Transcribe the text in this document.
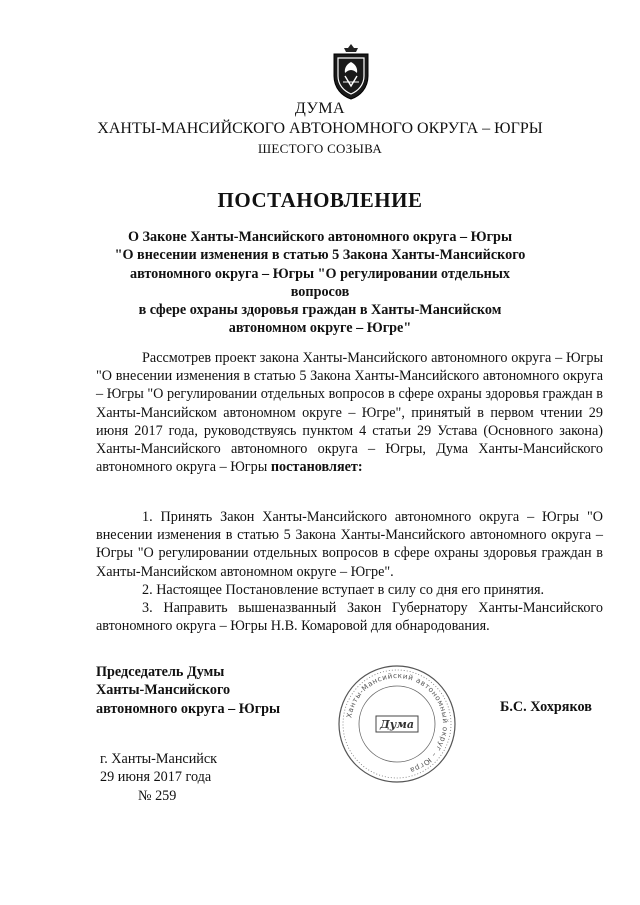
ДУМА
ХАНТЫ-МАНСИЙСКОГО АВТОНОМНОГО ОКРУГА – ЮГРЫ
ШЕСТОГО СОЗЫВА
ПОСТАНОВЛЕНИЕ
О Законе Ханты-Мансийского автономного округа – Югры
"О внесении изменения в статью 5 Закона Ханты-Мансийского
автономного округа – Югры "О регулировании отдельных вопросов
в сфере охраны здоровья граждан в Ханты-Мансийском
автономном округе – Югре"
Рассмотрев проект закона Ханты-Мансийского автономного округа – Югры "О внесении изменения в статью 5 Закона Ханты-Мансийского автономного округа – Югры "О регулировании отдельных вопросов в сфере охраны здоровья граждан в Ханты-Мансийском автономном округе – Югре", принятый в первом чтении 29 июня 2017 года, руководствуясь пунктом 4 статьи 29 Устава (Основного закона) Ханты-Мансийского автономного округа – Югры, Дума Ханты-Мансийского автономного округа – Югры постановляет:

1. Принять Закон Ханты-Мансийского автономного округа – Югры "О внесении изменения в статью 5 Закона Ханты-Мансийского автономного округа – Югры "О регулировании отдельных вопросов в сфере охраны здоровья граждан в Ханты-Мансийском автономном округе – Югре".

2. Настоящее Постановление вступает в силу со дня его принятия.

3. Направить вышеназванный Закон Губернатору Ханты-Мансийского автономного округа – Югры Н.В. Комаровой для обнародования.

Председатель Думы
Ханты-Мансийского
автономного округа – Югры	Ханты-Мансийский автономный округ – Югра
Дума
Б.С. Хохряков
г. Ханты-Мансийск
29 июня 2017 года
№ 259
